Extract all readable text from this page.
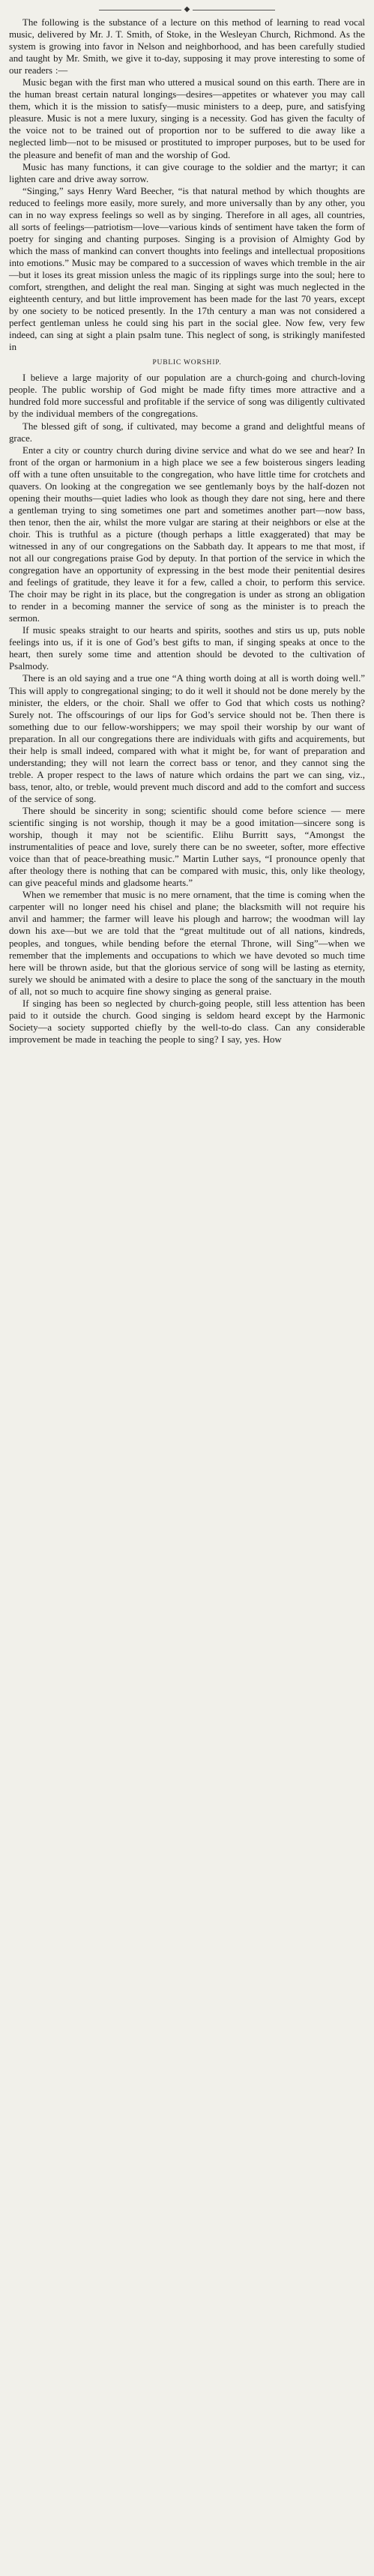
◆

The following is the substance of a lecture on this method of learning to read vocal music, delivered by Mr. J. T. Smith, of Stoke, in the Wesleyan Church, Richmond. As the system is growing into favor in Nelson and neighborhood, and has been carefully studied and taught by Mr. Smith, we give it to-day, supposing it may prove interesting to some of our readers :—

Music began with the first man who uttered a musical sound on this earth. There are in the human breast certain natural longings—desires—appetites or whatever you may call them, which it is the mission to satisfy—music ministers to a deep, pure, and satisfying pleasure. Music is not a mere luxury, singing is a necessity. God has given the faculty of the voice not to be trained out of proportion nor to be suffered to die away like a neglected limb—not to be misused or prostituted to improper purposes, but to be used for the pleasure and benefit of man and the worship of God.

Music has many functions, it can give courage to the soldier and the martyr; it can lighten care and drive away sorrow.

“Singing,” says Henry Ward Beecher, “is that natural method by which thoughts are reduced to feelings more easily, more surely, and more universally than by any other, you can in no way express feelings so well as by singing. Therefore in all ages, all countries, all sorts of feelings—patriotism—love—various kinds of sentiment have taken the form of poetry for singing and chanting purposes. Singing is a provision of Almighty God by which the mass of mankind can convert thoughts into feelings and intellectual propositions into emotions.” Music may be compared to a succession of waves which tremble in the air—but it loses its great mission unless the magic of its ripplings surge into the soul; here to comfort, strengthen, and delight the real man. Singing at sight was much neglected in the eighteenth century, and but little improvement has been made for the last 70 years, except by one society to be noticed presently. In the 17th century a man was not considered a perfect gentleman unless he could sing his part in the social glee. Now few, very few indeed, can sing at sight a plain psalm tune. This neglect of song, is strikingly manifested in

PUBLIC WORSHIP.

I believe a large majority of our population are a church-going and church-loving people. The public worship of God might be made fifty times more attractive and a hundred fold more successful and profitable if the service of song was diligently cultivated by the individual members of the congregations.

The blessed gift of song, if cultivated, may become a grand and delightful means of grace.

Enter a city or country church during divine service and what do we see and hear? In front of the organ or harmonium in a high place we see a few boisterous singers leading off with a tune often unsuitable to the congregation, who have little time for crotchets and quavers. On looking at the congregation we see gentlemanly boys by the half-dozen not opening their mouths—quiet ladies who look as though they dare not sing, here and there a gentleman trying to sing sometimes one part and sometimes another part—now bass, then tenor, then the air, whilst the more vulgar are staring at their neighbors or else at the choir. This is truthful as a picture (though perhaps a little exaggerated) that may be witnessed in any of our congregations on the Sabbath day. It appears to me that most, if not all our congregations praise God by deputy. In that portion of the service in which the congregation have an opportunity of expressing in the best mode their penitential desires and feelings of gratitude, they leave it for a few, called a choir, to perform this service. The choir may be right in its place, but the congregation is under as strong an obligation to render in a becoming manner the service of song as the minister is to preach the sermon.

If music speaks straight to our hearts and spirits, soothes and stirs us up, puts noble feelings into us, if it is one of God’s best gifts to man, if singing speaks at once to the heart, then surely some time and attention should be devoted to the cultivation of Psalmody.

There is an old saying and a true one “A thing worth doing at all is worth doing well.” This will apply to congregational singing; to do it well it should not be done merely by the minister, the elders, or the choir. Shall we offer to God that which costs us nothing? Surely not. The offscourings of our lips for God’s service should not be. Then there is something due to our fellow-worshippers; we may spoil their worship by our want of preparation. In all our congregations there are individuals with gifts and acquirements, but their help is small indeed, compared with what it might be, for want of preparation and understanding; they will not learn the correct bass or tenor, and they cannot sing the treble. A proper respect to the laws of nature which ordains the part we can sing, viz., bass, tenor, alto, or treble, would prevent much discord and add to the comfort and success of the service of song.

There should be sincerity in song; scientific should come before science — mere scientific singing is not worship, though it may be a good imitation—sincere song is worship, though it may not be scientific. Elihu Burritt says, “Amongst the instrumentalities of peace and love, surely there can be no sweeter, softer, more effective voice than that of peace-breathing music.” Martin Luther says, “I pronounce openly that after theology there is nothing that can be compared with music, this, only like theology, can give peaceful minds and gladsome hearts.”

When we remember that music is no mere ornament, that the time is coming when the carpenter will no longer need his chisel and plane; the blacksmith will not require his anvil and hammer; the farmer will leave his plough and harrow; the woodman will lay down his axe—but we are told that the “great multitude out of all nations, kindreds, peoples, and tongues, while bending before the eternal Throne, will Sing”—when we remember that the implements and occupations to which we have devoted so much time here will be thrown aside, but that the glorious service of song will be lasting as eternity, surely we should be animated with a desire to place the song of the sanctuary in the mouth of all, not so much to acquire fine showy singing as general praise.

If singing has been so neglected by church-going people, still less attention has been paid to it outside the church. Good singing is seldom heard except by the Harmonic Society—a society supported chiefly by the well-to-do class. Can any considerable improvement be made in teaching the people to sing? I say, yes. How
